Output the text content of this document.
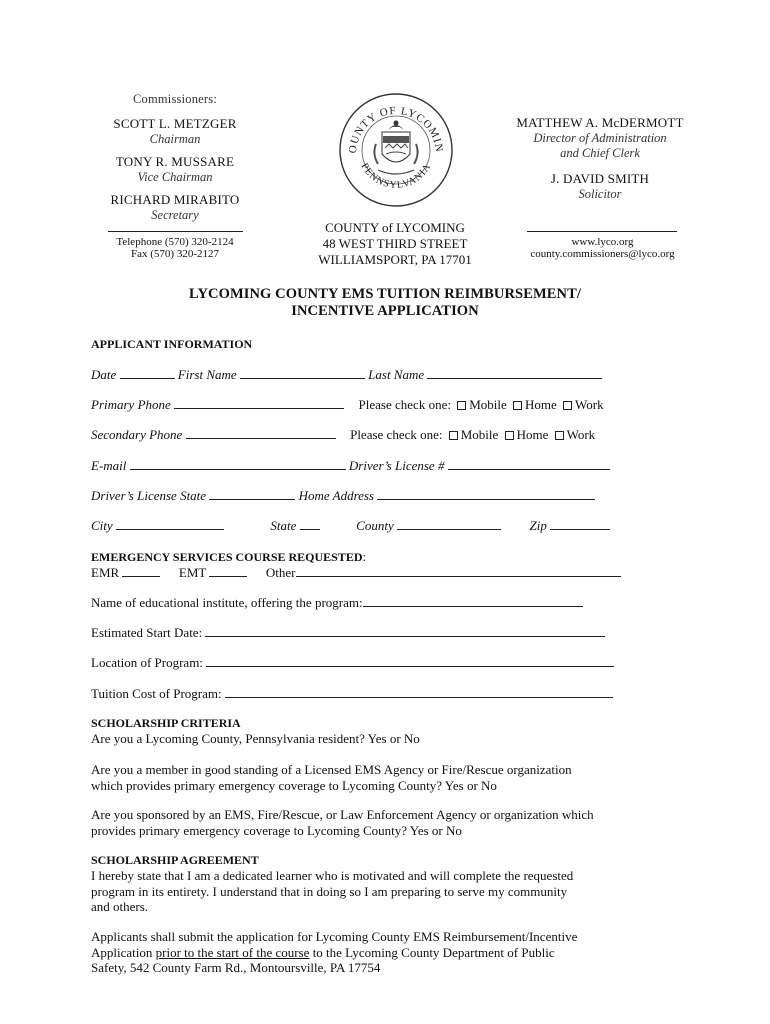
Commissioners:
SCOTT L. METZGER
Chairman
TONY R. MUSSARE
Vice Chairman
RICHARD MIRABITO
Secretary
Telephone (570) 320-2124
Fax (570) 320-2127
OUNTY OF LYCOMIN
PENNSYLVANIA
COUNTY of LYCOMING
48 WEST THIRD STREET
WILLIAMSPORT, PA 17701
MATTHEW A. McDERMOTT
Director of Administration
and Chief Clerk
J. DAVID SMITH
Solicitor
www.lyco.org
county.commissioners@lyco.org
LYCOMING COUNTY EMS TUITION REIMBURSEMENT/
INCENTIVE APPLICATION
APPLICANT INFORMATION
Date	First Name	Last Name
Primary Phone	Please check one: Mobile Home Work
Secondary Phone	Please check one: Mobile Home Work
E-mail	Driver’s License #
Driver’s License State	Home Address
City	State	County	Zip
EMERGENCY SERVICES COURSE REQUESTED:
EMR	EMT	Other
Name of educational institute, offering the program:
Estimated Start Date:
Location of Program:
Tuition Cost of Program:
SCHOLARSHIP CRITERIA
Are you a Lycoming County, Pennsylvania resident? Yes or No
Are you a member in good standing of a Licensed EMS Agency or Fire/Rescue organization
which provides primary emergency coverage to Lycoming County? Yes or No
Are you sponsored by an EMS, Fire/Rescue, or Law Enforcement Agency or organization which
provides primary emergency coverage to Lycoming County? Yes or No
SCHOLARSHIP AGREEMENT
I hereby state that I am a dedicated learner who is motivated and will complete the requested
program in its entirety. I understand that in doing so I am preparing to serve my community
and others.
Applicants shall submit the application for Lycoming County EMS Reimbursement/Incentive
Application prior to the start of the course to the Lycoming County Department of Public
Safety, 542 County Farm Rd., Montoursville, PA 17754
